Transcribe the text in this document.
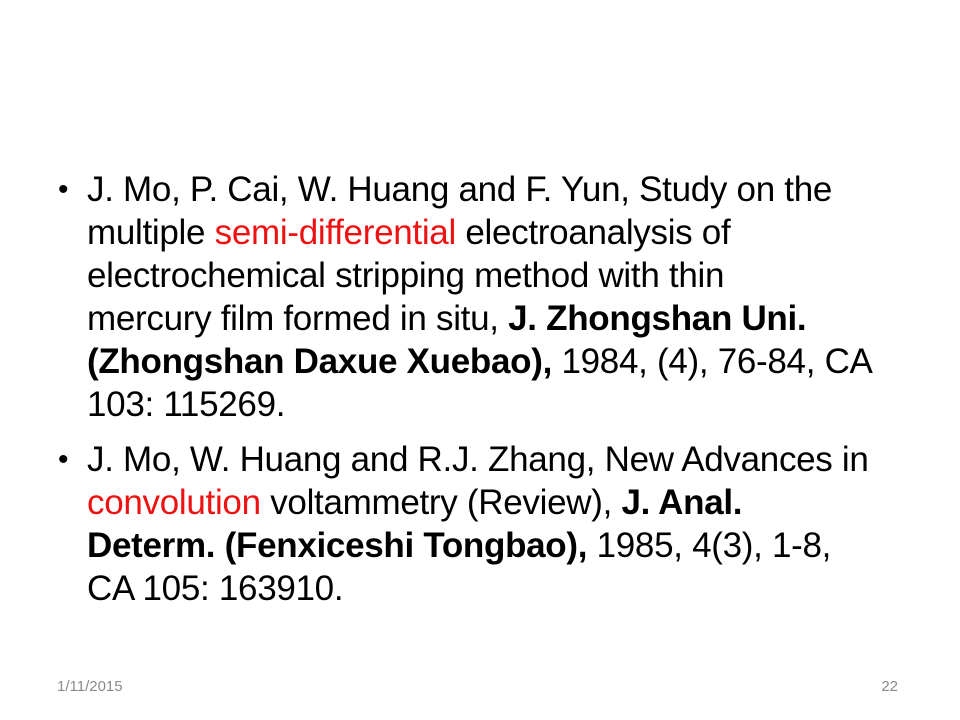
• J. Mo, P. Cai, W. Huang and F. Yun, Study on the
multiple semi-differential electroanalysis of
electrochemical stripping method with thin
mercury film formed in situ, J. Zhongshan Uni.
(Zhongshan Daxue Xuebao), 1984, (4), 76-84, CA
103: 115269.
• J. Mo, W. Huang and R.J. Zhang, New Advances in
convolution voltammetry (Review), J. Anal.
Determ. (Fenxiceshi Tongbao), 1985, 4(3), 1-8,
CA 105: 163910.
1/11/2015	22
